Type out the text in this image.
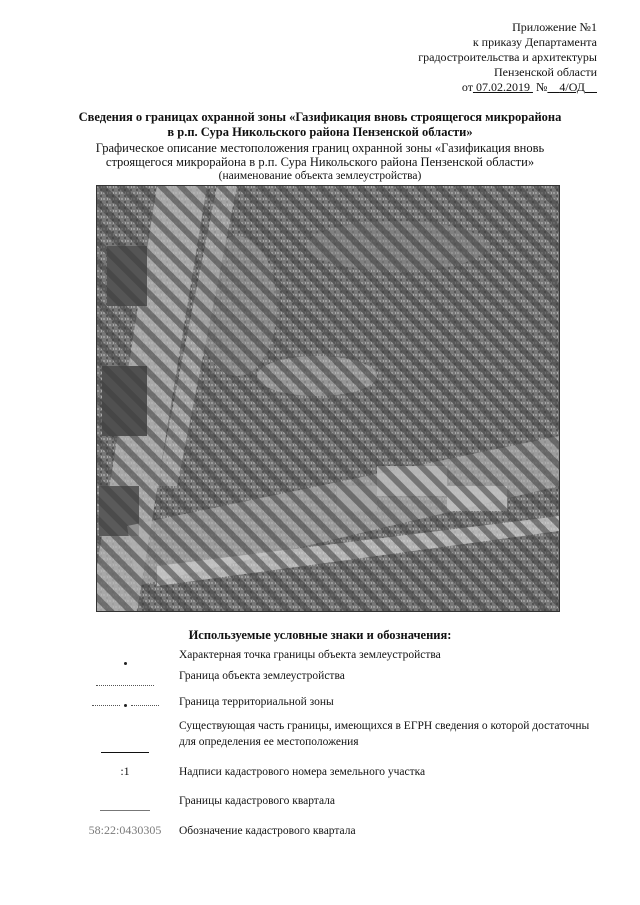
Приложение №1
к приказу Департамента
градостроительства и архитектуры
Пензенской области
от 07.02.2019 № 4/ОД
Сведения о границах охранной зоны «Газификация вновь строящегося микрорайона
в р.п. Сура Никольского района Пензенской области»
Графическое описание местоположения границ охранной зоны «Газификация вновь
строящегося микрорайона в р.п. Сура Никольского района Пензенской области»
(наименование объекта землеустройства)
Используемые условные знаки и обозначения:
Характерная точка границы объекта землеустройства
Граница объекта землеустройства

Граница территориальной зоны
Существующая часть границы, имеющихся в ЕГРН сведения о которой достаточны для определения ее местоположения
:1	Надписи кадастрового номера земельного участка
Границы кадастрового квартала
58:22:0430305	Обозначение кадастрового квартала
